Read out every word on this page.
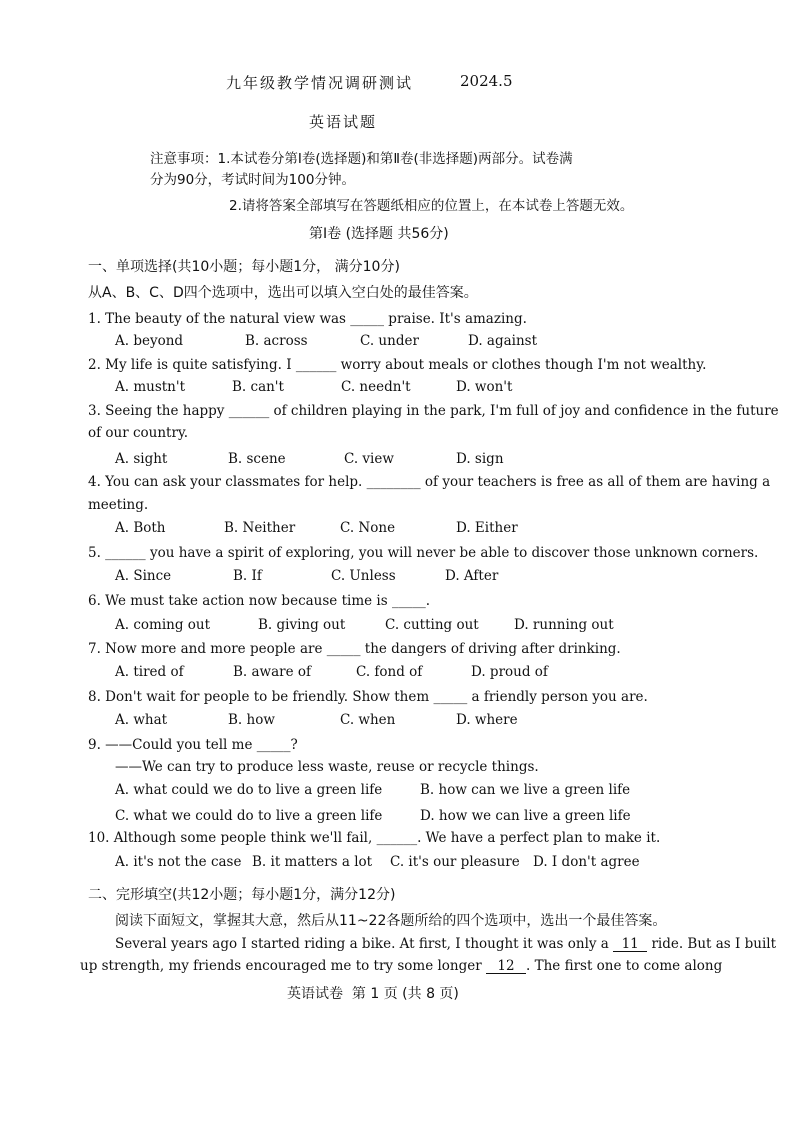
九年级教学情况调研测试	2024.5
英语试题
注意事项：1.本试卷分第Ⅰ卷(选择题)和第Ⅱ卷(非选择题)两部分。试卷满
分为90分，考试时间为100分钟。
2.请将答案全部填写在答题纸相应的位置上，在本试卷上答题无效。
第Ⅰ卷 (选择题 共56分)
一、单项选择(共10小题；每小题1分， 满分10分)
从A、B、C、D四个选项中，选出可以填入空白处的最佳答案。
1. The beauty of the natural view was _____ praise. It's amazing.
A. beyond	B. across	C. under	D. against
2. My life is quite satisfying. I ______ worry about meals or clothes though I'm not wealthy.
A. mustn't	B. can't	C. needn't	D. won't
3. Seeing the happy ______ of children playing in the park, I'm full of joy and confidence in the future
of our country.
A. sight	B. scene	C. view	D. sign
4. You can ask your classmates for help. ________ of your teachers is free as all of them are having a
meeting.
A. Both	B. Neither	C. None	D. Either
5. ______ you have a spirit of exploring, you will never be able to discover those unknown corners.
A. Since	B. If	C. Unless	D. After
6. We must take action now because time is _____.
A. coming out	B. giving out	C. cutting out	D. running out
7. Now more and more people are _____ the dangers of driving after drinking.
A. tired of	B. aware of	C. fond of	D. proud of
8. Don't wait for people to be friendly. Show them _____ a friendly person you are.
A. what	B. how	C. when	D. where
9. ——Could you tell me _____?
——We can try to produce less waste, reuse or recycle things.
A. what could we do to live a green life	B. how can we live a green life
C. what we could do to live a green life	D. how we can live a green life
10. Although some people think we'll fail, ______. We have a perfect plan to make it.
A. it's not the case B. it matters a lot C. it's our pleasure D. I don't agree
二、完形填空(共12小题；每小题1分，满分12分)
阅读下面短文，掌握其大意，然后从11~22各题所给的四个选项中，选出一个最佳答案。
Several years ago I started riding a bike. At first, I thought it was only a 11 ride. But as I built
up strength, my friends encouraged me to try some longer 12 . The first one to come along
英语试卷  第 1 页 (共 8 页)
